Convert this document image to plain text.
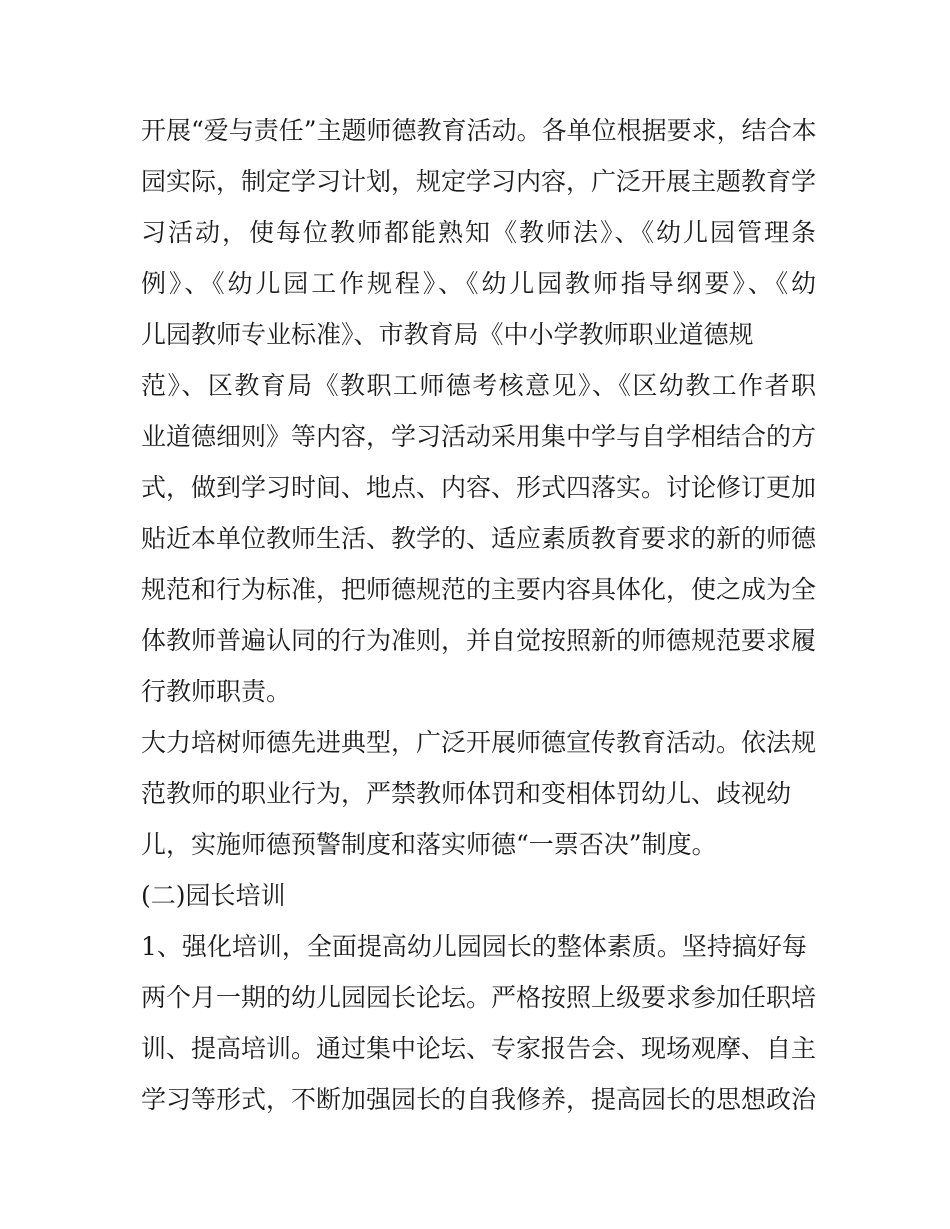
开展“爱与责任”主题师德教育活动。各单位根据要求，结合本
园实际，制定学习计划，规定学习内容，广泛开展主题教育学
习活动，使每位教师都能熟知《教师法》、《幼儿园管理条
例》、《幼儿园工作规程》、《幼儿园教师指导纲要》、《幼
儿园教师专业标准》、市教育局《中小学教师职业道德规
范》、区教育局《教职工师德考核意见》、《区幼教工作者职
业道德细则》等内容，学习活动采用集中学与自学相结合的方
式，做到学习时间、地点、内容、形式四落实。讨论修订更加
贴近本单位教师生活、教学的、适应素质教育要求的新的师德
规范和行为标准，把师德规范的主要内容具体化，使之成为全
体教师普遍认同的行为准则，并自觉按照新的师德规范要求履
行教师职责。
大力培树师德先进典型，广泛开展师德宣传教育活动。依法规
范教师的职业行为，严禁教师体罚和变相体罚幼儿、歧视幼
儿，实施师德预警制度和落实师德“一票否决”制度。
(二)园长培训
1、强化培训，全面提高幼儿园园长的整体素质。坚持搞好每
两个月一期的幼儿园园长论坛。严格按照上级要求参加任职培
训、提高培训。通过集中论坛、专家报告会、现场观摩、自主
学习等形式，不断加强园长的自我修养，提高园长的思想政治
